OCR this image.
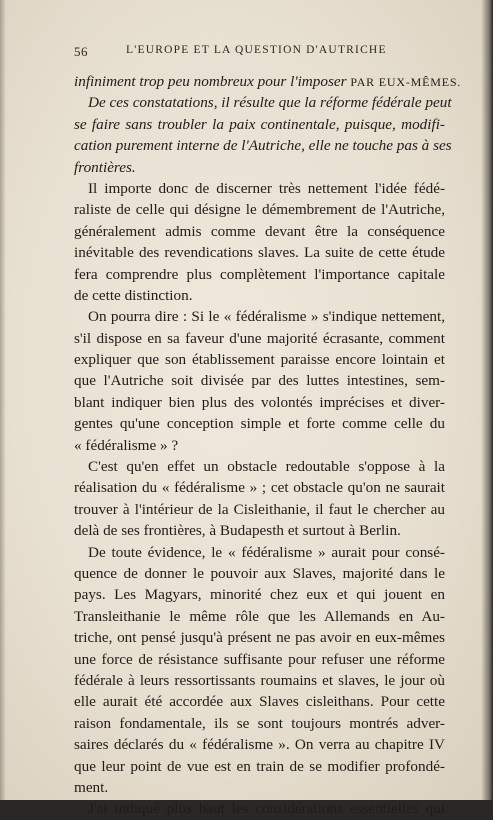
56	L'EUROPE ET LA QUESTION D'AUTRICHE
infiniment trop peu nombreux pour l'imposer PAR EUX-MÊMES.
De ces constatations, il résulte que la réforme fédérale peut
se faire sans troubler la paix continentale, puisque, modifi-
cation purement interne de l'Autriche, elle ne touche pas à ses
frontières.
Il importe donc de discerner très nettement l'idée fédé-
raliste de celle qui désigne le démembrement de l'Autriche,
généralement admis comme devant être la conséquence
inévitable des revendications slaves. La suite de cette étude
fera comprendre plus complètement l'importance capitale
de cette distinction.
On pourra dire : Si le « fédéralisme » s'indique nettement,
s'il dispose en sa faveur d'une majorité écrasante, comment
expliquer que son établissement paraisse encore lointain et
que l'Autriche soit divisée par des luttes intestines, sem-
blant indiquer bien plus des volontés imprécises et diver-
gentes qu'une conception simple et forte comme celle du
« fédéralisme » ?
C'est qu'en effet un obstacle redoutable s'oppose à la
réalisation du « fédéralisme » ; cet obstacle qu'on ne saurait
trouver à l'intérieur de la Cisleithanie, il faut le chercher au
delà de ses frontières, à Budapesth et surtout à Berlin.
De toute évidence, le « fédéralisme » aurait pour consé-
quence de donner le pouvoir aux Slaves, majorité dans le
pays. Les Magyars, minorité chez eux et qui jouent en
Transleithanie le même rôle que les Allemands en Au-
triche, ont pensé jusqu'à présent ne pas avoir en eux-mêmes
une force de résistance suffisante pour refuser une réforme
fédérale à leurs ressortissants roumains et slaves, le jour où
elle aurait été accordée aux Slaves cisleithans. Pour cette
raison fondamentale, ils se sont toujours montrés adver-
saires déclarés du « fédéralisme ». On verra au chapitre IV
que leur point de vue est en train de se modifier profondé-
ment.
J'ai indiqué plus haut les considérations essentielles qui
